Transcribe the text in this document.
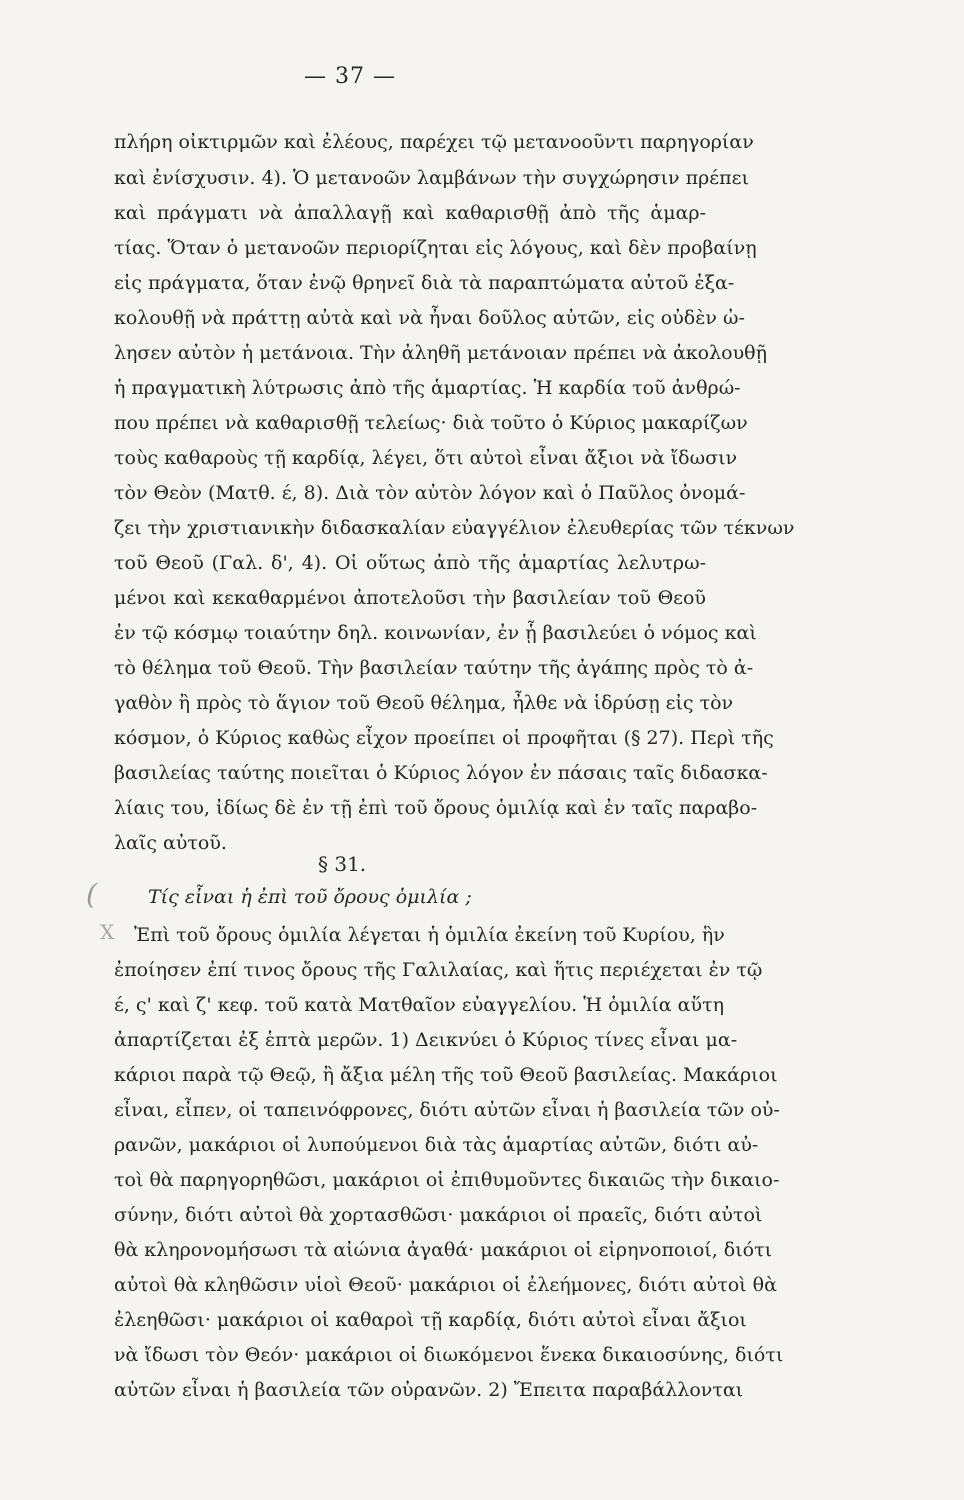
— 37 —
πλήρη οἰκτιρμῶν καὶ ἐλέους, παρέχει τῷ μετανοοῦντι παρηγορίαν
καὶ ἐνίσχυσιν. 4). Ὁ μετανοῶν λαμβάνων τὴν συγχώρησιν πρέπει
καὶ πράγματι νὰ ἀπαλλαγῇ καὶ καθαρισθῇ ἀπὸ τῆς ἁμαρ-
τίας. Ὅταν ὁ μετανοῶν περιορίζηται εἰς λόγους, καὶ δὲν προβαίνῃ
εἰς πράγματα, ὅταν ἐνῷ θρηνεῖ διὰ τὰ παραπτώματα αὐτοῦ ἐξα-
κολουθῇ νὰ πράττῃ αὐτὰ καὶ νὰ ἦναι δοῦλος αὐτῶν, εἰς οὐδὲν ὠ-
λησεν αὐτὸν ἡ μετάνοια. Τὴν ἀληθῆ μετάνοιαν πρέπει νὰ ἀκολουθῇ
ἡ πραγματικὴ λύτρωσις ἀπὸ τῆς ἁμαρτίας. Ἡ καρδία τοῦ ἀνθρώ-
που πρέπει νὰ καθαρισθῇ τελείως· διὰ τοῦτο ὁ Κύριος μακαρίζων
τοὺς καθαροὺς τῇ καρδίᾳ, λέγει, ὅτι αὐτοὶ εἶναι ἄξιοι νὰ ἴδωσιν
τὸν Θεὸν (Ματθ. έ, 8). Διὰ τὸν αὐτὸν λόγον καὶ ὁ Παῦλος ὀνομά-
ζει τὴν χριστιανικὴν διδασκαλίαν εὐαγγέλιον ἐλευθερίας τῶν τέκνων
τοῦ Θεοῦ (Γαλ. δ', 4). Οἱ οὕτως ἀπὸ τῆς ἁμαρτίας λελυτρω-
μένοι καὶ κεκαθαρμένοι ἀποτελοῦσι τὴν βασιλείαν τοῦ Θεοῦ
ἐν τῷ κόσμῳ τοιαύτην δηλ. κοινωνίαν, ἐν ᾗ βασιλεύει ὁ νόμος καὶ
τὸ θέλημα τοῦ Θεοῦ. Τὴν βασιλείαν ταύτην τῆς ἀγάπης πρὸς τὸ ἀ-
γαθὸν ἢ πρὸς τὸ ἅγιον τοῦ Θεοῦ θέλημα, ἦλθε νὰ ἱδρύσῃ εἰς τὸν
κόσμον, ὁ Κύριος καθὼς εἶχον προείπει οἱ προφῆται (§ 27). Περὶ τῆς
βασιλείας ταύτης ποιεῖται ὁ Κύριος λόγον ἐν πάσαις ταῖς διδασκα-
λίαις του, ἰδίως δὲ ἐν τῇ ἐπὶ τοῦ ὄρους ὁμιλίᾳ καὶ ἐν ταῖς παραβο-
λαῖς αὐτοῦ.
§ 31.
Τίς εἶναι ἡ ἐπὶ τοῦ ὄρους ὁμιλία ;
(
X Ἐπὶ τοῦ ὄρους ὁμιλία λέγεται ἡ ὁμιλία ἐκείνη τοῦ Κυρίου, ἣν
ἐποίησεν ἐπί τινος ὄρους τῆς Γαλιλαίας, καὶ ἥτις περιέχεται ἐν τῷ
έ, ς' καὶ ζ' κεφ. τοῦ κατὰ Ματθαῖον εὐαγγελίου. Ἡ ὁμιλία αὕτη
ἀπαρτίζεται ἐξ ἑπτὰ μερῶν. 1) Δεικνύει ὁ Κύριος τίνες εἶναι μα-
κάριοι παρὰ τῷ Θεῷ, ἢ ἄξια μέλη τῆς τοῦ Θεοῦ βασιλείας. Μακάριοι
εἶναι, εἶπεν, οἱ ταπεινόφρονες, διότι αὐτῶν εἶναι ἡ βασιλεία τῶν οὐ-
ρανῶν, μακάριοι οἱ λυπούμενοι διὰ τὰς ἁμαρτίας αὐτῶν, διότι αὐ-
τοὶ θὰ παρηγορηθῶσι, μακάριοι οἱ ἐπιθυμοῦντες δικαιῶς τὴν δικαιο-
σύνην, διότι αὐτοὶ θὰ χορτασθῶσι· μακάριοι οἱ πραεῖς, διότι αὐτοὶ
θὰ κληρονομήσωσι τὰ αἰώνια ἀγαθά· μακάριοι οἱ εἰρηνοποιοί, διότι
αὐτοὶ θὰ κληθῶσιν υἱοὶ Θεοῦ· μακάριοι οἱ ἐλεήμονες, διότι αὐτοὶ θὰ
ἐλεηθῶσι· μακάριοι οἱ καθαροὶ τῇ καρδίᾳ, διότι αὐτοὶ εἶναι ἄξιοι
νὰ ἴδωσι τὸν Θεόν· μακάριοι οἱ διωκόμενοι ἕνεκα δικαιοσύνης, διότι
αὐτῶν εἶναι ἡ βασιλεία τῶν οὐρανῶν. 2) Ἔπειτα παραβάλλονται
